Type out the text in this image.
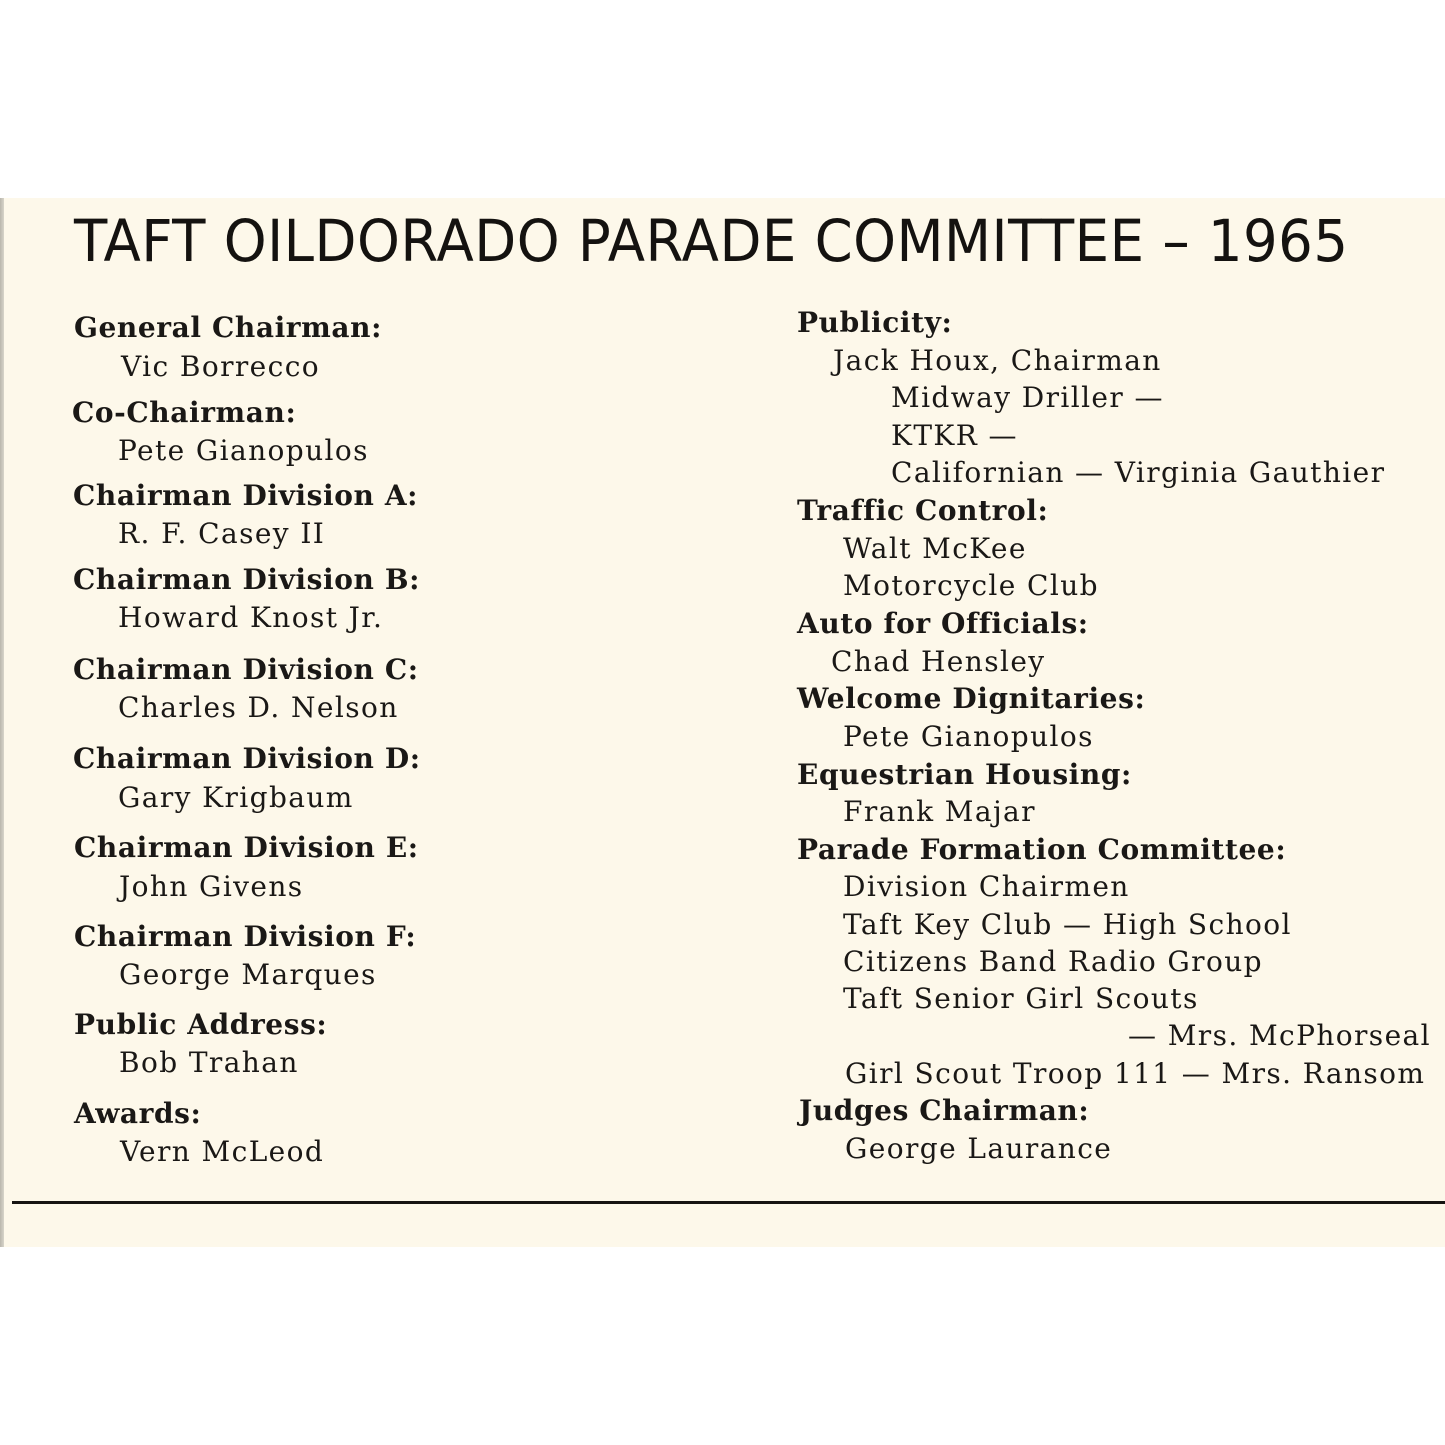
TAFT OILDORADO PARADE COMMITTEE – 1965
General Chairman:
Vic Borrecco
Co-Chairman:
Pete Gianopulos
Chairman Division A:
R. F. Casey II
Chairman Division B:
Howard Knost Jr.
Chairman Division C:
Charles D. Nelson
Chairman Division D:
Gary Krigbaum
Chairman Division E:
John Givens
Chairman Division F:
George Marques
Public Address:
Bob Trahan
Awards:
Vern McLeod
Publicity:
Jack Houx, Chairman
Midway Driller —
KTKR —
Californian — Virginia Gauthier
Traffic Control:
Walt McKee
Motorcycle Club
Auto for Officials:
Chad Hensley
Welcome Dignitaries:
Pete Gianopulos
Equestrian Housing:
Frank Majar
Parade Formation Committee:
Division Chairmen
Taft Key Club — High School
Citizens Band Radio Group
Taft Senior Girl Scouts
— Mrs. McPhorseal
Girl Scout Troop 111 — Mrs. Ransom
Judges Chairman:
George Laurance
